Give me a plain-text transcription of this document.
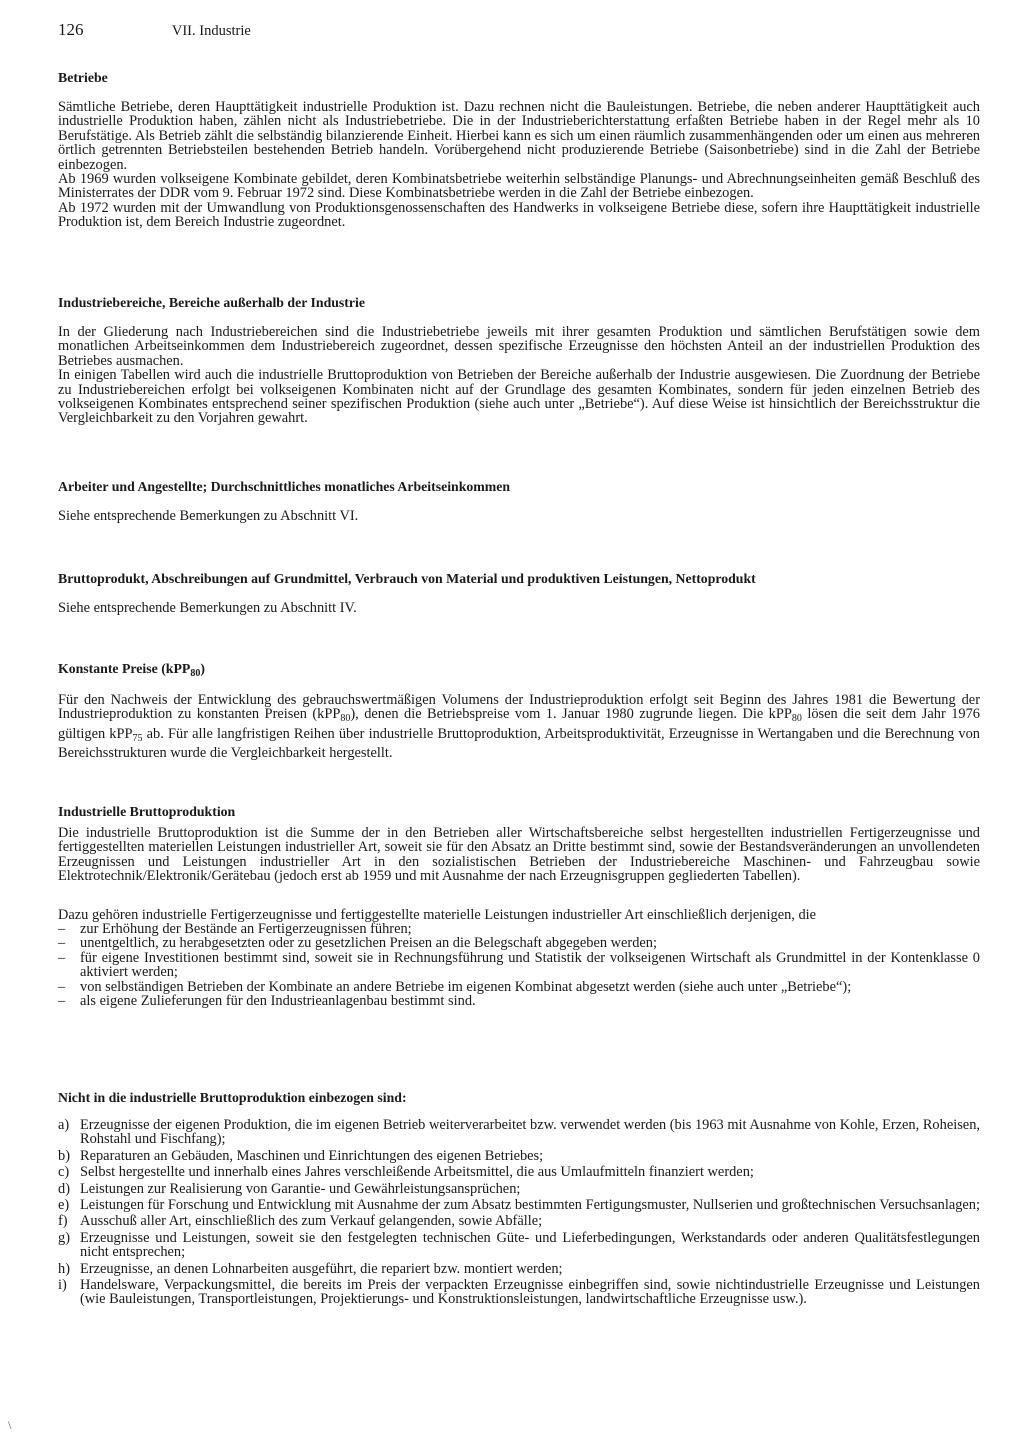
126	VII. Industrie
Betriebe

Sämtliche Betriebe, deren Haupttätigkeit industrielle Produktion ist. Dazu rechnen nicht die Bauleistungen. Betriebe, die neben anderer Haupttätigkeit auch industrielle Produktion haben, zählen nicht als Industriebetriebe. Die in der Industrieberichterstattung erfaßten Betriebe haben in der Regel mehr als 10 Berufstätige. Als Betrieb zählt die selbständig bilanzierende Einheit. Hierbei kann es sich um einen räumlich zusammenhängenden oder um einen aus mehreren örtlich getrennten Betriebsteilen bestehenden Betrieb handeln. Vorübergehend nicht produzierende Betriebe (Saisonbetriebe) sind in die Zahl der Betriebe einbezogen.

Ab 1969 wurden volkseigene Kombinate gebildet, deren Kombinatsbetriebe weiterhin selbständige Planungs- und Abrechnungseinheiten gemäß Beschluß des Ministerrates der DDR vom 9. Februar 1972 sind. Diese Kombinatsbetriebe werden in die Zahl der Betriebe einbezogen.

Ab 1972 wurden mit der Umwandlung von Produktionsgenossenschaften des Handwerks in volkseigene Betriebe diese, sofern ihre Haupttätigkeit industrielle Produktion ist, dem Bereich Industrie zugeordnet.

Industriebereiche, Bereiche außerhalb der Industrie

In der Gliederung nach Industriebereichen sind die Industriebetriebe jeweils mit ihrer gesamten Produktion und sämtlichen Berufstätigen sowie dem monatlichen Arbeitseinkommen dem Industriebereich zugeordnet, dessen spezifische Erzeugnisse den höchsten Anteil an der industriellen Produktion des Betriebes ausmachen.

In einigen Tabellen wird auch die industrielle Bruttoproduktion von Betrieben der Bereiche außerhalb der Industrie ausgewiesen. Die Zuordnung der Betriebe zu Industriebereichen erfolgt bei volkseigenen Kombinaten nicht auf der Grundlage des gesamten Kombinates, sondern für jeden einzelnen Betrieb des volkseigenen Kombinates entsprechend seiner spezifischen Produktion (siehe auch unter „Betriebe“). Auf diese Weise ist hinsichtlich der Bereichsstruktur die Vergleichbarkeit zu den Vorjahren gewahrt.

Arbeiter und Angestellte; Durchschnittliches monatliches Arbeitseinkommen

Siehe entsprechende Bemerkungen zu Abschnitt VI.

Bruttoprodukt, Abschreibungen auf Grundmittel, Verbrauch von Material und produktiven Leistungen, Nettoprodukt

Siehe entsprechende Bemerkungen zu Abschnitt IV.

Konstante Preise (kPP$_{80}$)

Für den Nachweis der Entwicklung des gebrauchswertmäßigen Volumens der Industrieproduktion erfolgt seit Beginn des Jahres 1981 die Bewertung der Industrieproduktion zu konstanten Preisen (kPP$_{80}$), denen die Betriebspreise vom 1. Januar 1980 zugrunde liegen. Die kPP$_{80}$ lösen die seit dem Jahr 1976 gültigen kPP$_{75}$ ab. Für alle langfristigen Reihen über industrielle Bruttoproduktion, Arbeitsproduktivität, Erzeugnisse in Wertangaben und die Berechnung von Bereichsstrukturen wurde die Vergleichbarkeit hergestellt.

Industrielle Bruttoproduktion

Die industrielle Bruttoproduktion ist die Summe der in den Betrieben aller Wirtschaftsbereiche selbst hergestellten industriellen Fertigerzeugnisse und fertiggestellten materiellen Leistungen industrieller Art, soweit sie für den Absatz an Dritte bestimmt sind, sowie der Bestandsveränderungen an unvollendeten Erzeugnissen und Leistungen industrieller Art in den sozialistischen Betrieben der Industriebereiche Maschinen- und Fahrzeugbau sowie Elektrotechnik/Elektronik/Gerätebau (jedoch erst ab 1959 und mit Ausnahme der nach Erzeugnisgruppen gegliederten Tabellen).

Dazu gehören industrielle Fertigerzeugnisse und fertiggestellte materielle Leistungen industrieller Art einschließlich derjenigen, die

– zur Erhöhung der Bestände an Fertigerzeugnissen führen;
– unentgeltlich, zu herabgesetzten oder zu gesetzlichen Preisen an die Belegschaft abgegeben werden;
– für eigene Investitionen bestimmt sind, soweit sie in Rechnungsführung und Statistik der volkseigenen Wirtschaft als Grundmittel in der Kontenklasse 0 aktiviert werden;
– von selbständigen Betrieben der Kombinate an andere Betriebe im eigenen Kombinat abgesetzt werden (siehe auch unter „Betriebe“);
– als eigene Zulieferungen für den Industrieanlagenbau bestimmt sind.
Nicht in die industrielle Bruttoproduktion einbezogen sind:
a) Erzeugnisse der eigenen Produktion, die im eigenen Betrieb weiterverarbeitet bzw. verwendet werden (bis 1963 mit Ausnahme von Kohle, Erzen, Roheisen, Rohstahl und Fischfang);
b) Reparaturen an Gebäuden, Maschinen und Einrichtungen des eigenen Betriebes;
c) Selbst hergestellte und innerhalb eines Jahres verschleißende Arbeitsmittel, die aus Umlaufmitteln finanziert werden;
d) Leistungen zur Realisierung von Garantie- und Gewährleistungsansprüchen;
e) Leistungen für Forschung und Entwicklung mit Ausnahme der zum Absatz bestimmten Fertigungsmuster, Nullserien und großtechnischen Versuchsanlagen;
f) Ausschuß aller Art, einschließlich des zum Verkauf gelangenden, sowie Abfälle;
g) Erzeugnisse und Leistungen, soweit sie den festgelegten technischen Güte- und Lieferbedingungen, Werkstandards oder anderen Qualitätsfestlegungen nicht entsprechen;
h) Erzeugnisse, an denen Lohnarbeiten ausgeführt, die repariert bzw. montiert werden;
i) Handelsware, Verpackungsmittel, die bereits im Preis der verpackten Erzeugnisse einbegriffen sind, sowie nichtindustrielle Erzeugnisse und Leistungen (wie Bauleistungen, Transportleistungen, Projektierungs- und Konstruktionsleistungen, landwirtschaftliche Erzeugnisse usw.).
\
